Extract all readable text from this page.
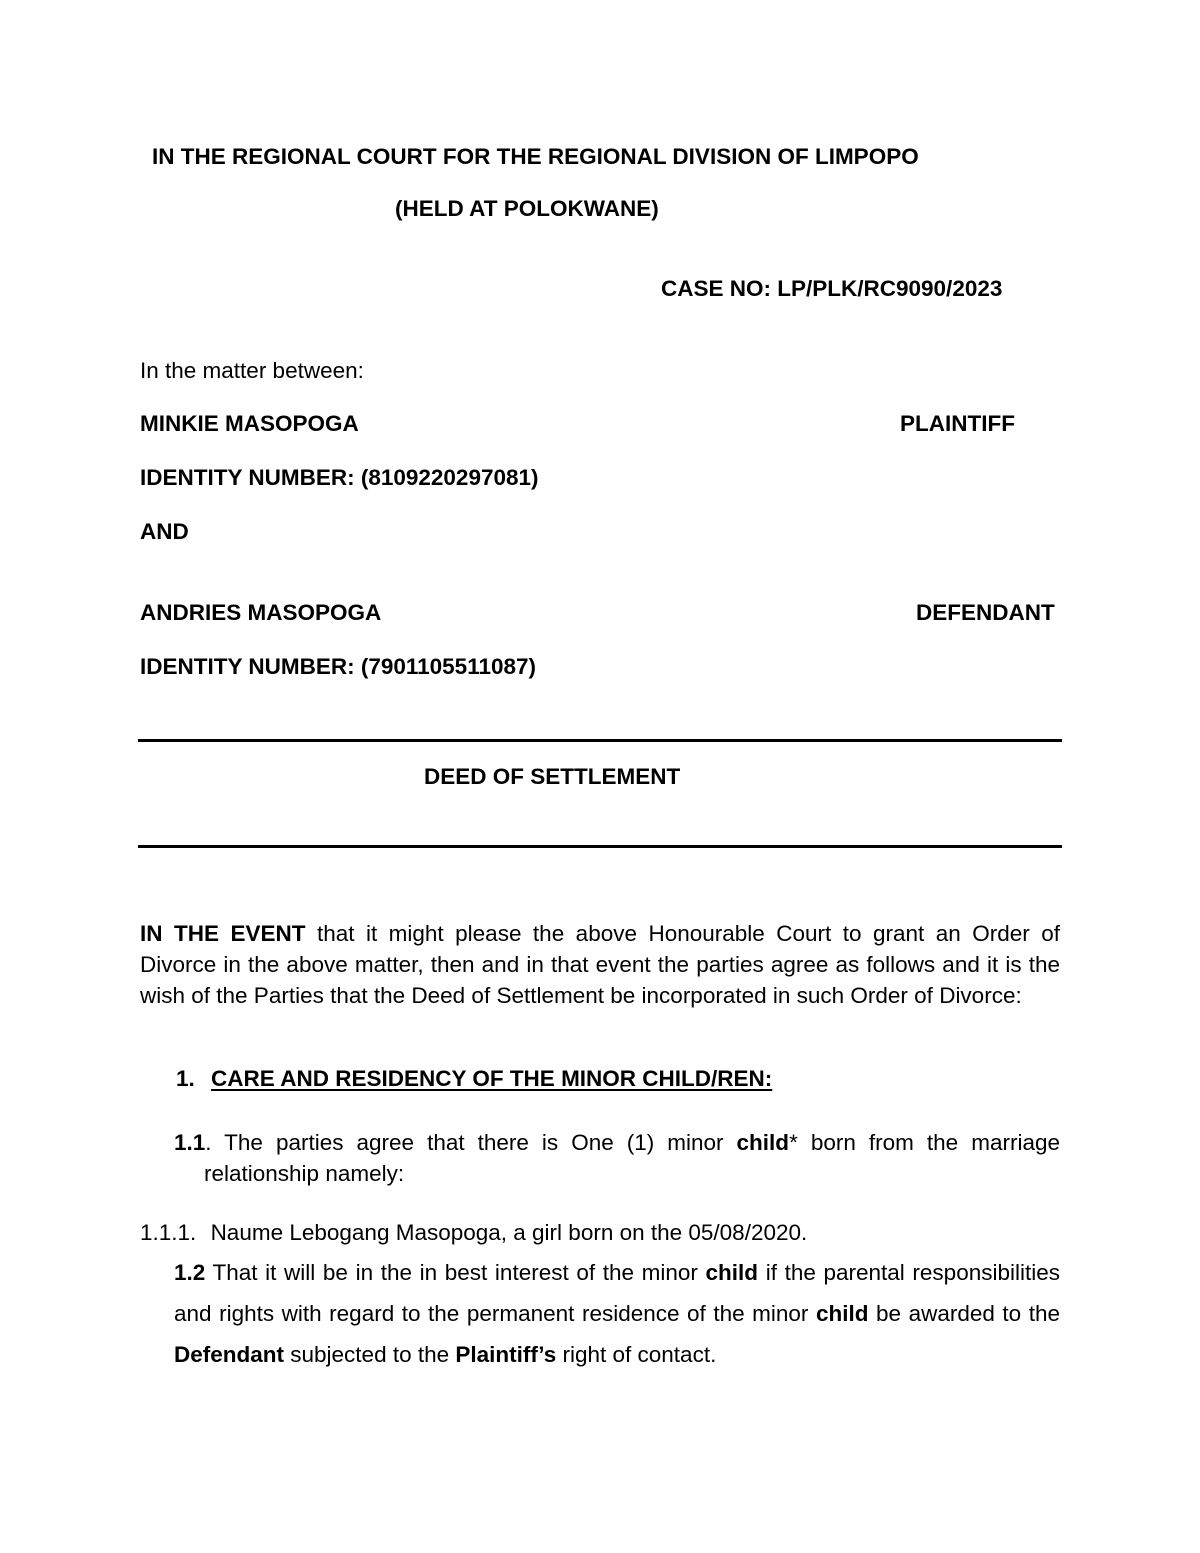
IN THE REGIONAL COURT FOR THE REGIONAL DIVISION OF LIMPOPO
(HELD AT POLOKWANE)
CASE NO: LP/PLK/RC9090/2023
In the matter between:
MINKIE MASOPOGA	PLAINTIFF
IDENTITY NUMBER: (8109220297081)
AND
ANDRIES MASOPOGA	DEFENDANT
IDENTITY NUMBER: (7901105511087)
DEED OF SETTLEMENT
IN THE EVENT that it might please the above Honourable Court to grant an Order of Divorce in the above matter, then and in that event the parties agree as follows and it is the wish of the Parties that the Deed of Settlement be incorporated in such Order of Divorce:
1. CARE AND RESIDENCY OF THE MINOR CHILD/REN:
1.1. The parties agree that there is One (1) minor child* born from the marriage relationship namely:
1.1.1. Naume Lebogang Masopoga, a girl born on the 05/08/2020.
1.2 That it will be in the in best interest of the minor child if the parental responsibilities and rights with regard to the permanent residence of the minor child be awarded to the Defendant subjected to the Plaintiff’s right of contact.
